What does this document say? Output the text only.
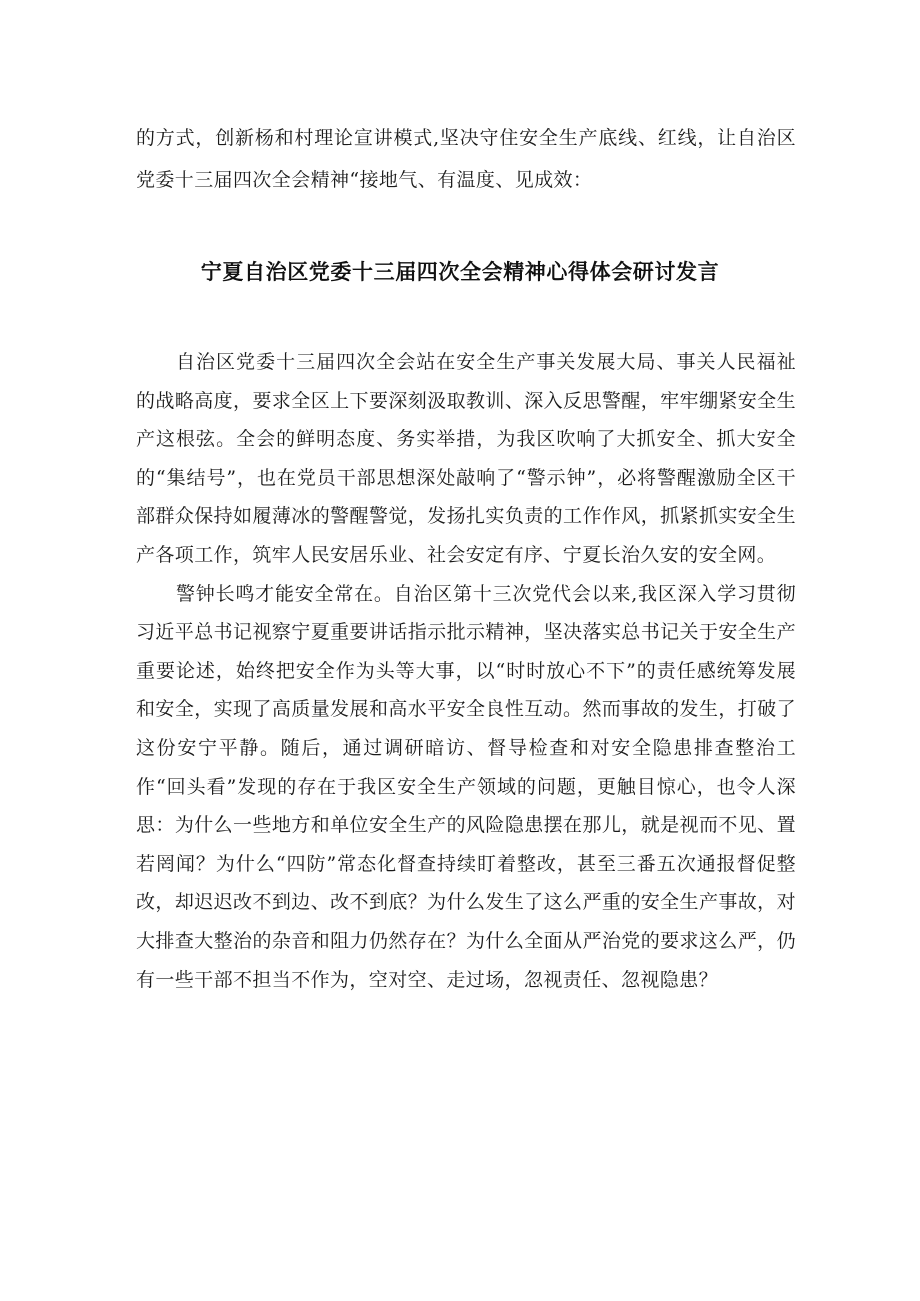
的方式，创新杨和村理论宣讲模式,坚决守住安全生产底线、红线，让自治区党委十三届四次全会精神“接地气、有温度、见成效：

宁夏自治区党委十三届四次全会精神心得体会研讨发言

自治区党委十三届四次全会站在安全生产事关发展大局、事关人民福祉的战略高度，要求全区上下要深刻汲取教训、深入反思警醒，牢牢绷紧安全生产这根弦。全会的鲜明态度、务实举措，为我区吹响了大抓安全、抓大安全的“集结号”，也在党员干部思想深处敲响了“警示钟”，必将警醒激励全区干部群众保持如履薄冰的警醒警觉，发扬扎实负责的工作作风，抓紧抓实安全生产各项工作，筑牢人民安居乐业、社会安定有序、宁夏长治久安的安全网。

警钟长鸣才能安全常在。自治区第十三次党代会以来,我区深入学习贯彻习近平总书记视察宁夏重要讲话指示批示精神，坚决落实总书记关于安全生产重要论述，始终把安全作为头等大事，以“时时放心不下”的责任感统筹发展和安全，实现了高质量发展和高水平安全良性互动。然而事故的发生，打破了这份安宁平静。随后，通过调研暗访、督导检查和对安全隐患排查整治工作“回头看”发现的存在于我区安全生产领域的问题，更触目惊心，也令人深思：为什么一些地方和单位安全生产的风险隐患摆在那儿，就是视而不见、置若罔闻？为什么“四防”常态化督查持续盯着整改，甚至三番五次通报督促整改，却迟迟改不到边、改不到底？为什么发生了这么严重的安全生产事故，对大排查大整治的杂音和阻力仍然存在？为什么全面从严治党的要求这么严，仍有一些干部不担当不作为，空对空、走过场，忽视责任、忽视隐患？
